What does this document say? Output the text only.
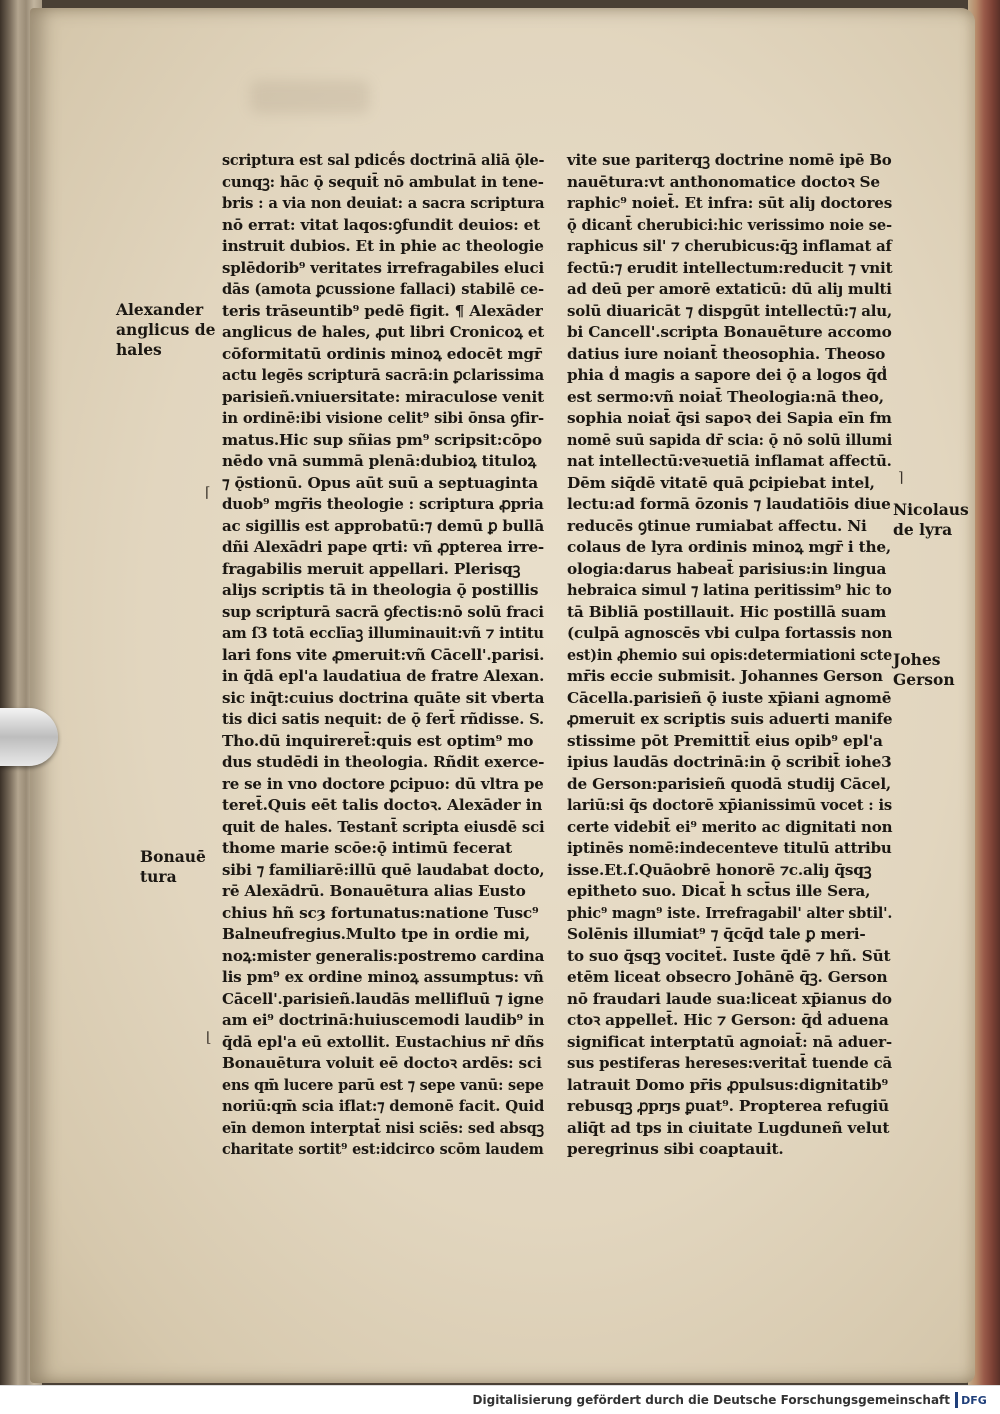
scriptura est sal pdicḗs doctrinā aliā ǭle-
cunqꝫ: hāc ǭ sequit̄ nō ambulat in tene-
bris : a via non deuiat: a sacra scriptura
nō errat: vitat laqos:ꝯfundit deuios: et
instruit dubios. Et in phie ac theologie
splēdorib⁹ veritates irrefragabiles eluci
dās (amota ꝑcussione fallaci) stabilē ce-
teris trāseuntib⁹ pedē figit. ¶ Alexāder
anglicus de hales, ꝓut libri Cronicoꝝ et
cōformitatū ordinis minoꝝ edocēt mgr̄
actu legēs scripturā sacrā:in ꝑclarissima
parisieñ.vniuersitate: miraculose venit
in ordinē:ibi visione celit⁹ sibi ōnsa ꝯfir-
matus.Hic sup sñias pm⁹ scripsit:cōpo
nēdo vnā summā plenā:dubioꝝ tituloꝝ
⁊ ǭstionū. Opus aūt suū a septuaginta
duob⁹ mgr̄is theologie : scriptura ꝓpria
ac sigillis est approbatū:⁊ demū ꝑ bullā
dñi Alexādri pape qrti: vñ ꝓpterea irre-
fragabilis meruit appellari. Plerisqꝫ
aliȷs scriptis tā in theologia ǭ postillis
sup scripturā sacrā ꝯfectis:nō solū fraci
am ſ3 totā ecclīaꝫ illuminauit:vñ ⁊ intitu
lari fons vite ꝓmeruit:vñ Cācell'.parisi.
in q̄dā epl'a laudatiua de fratre Alexan.
sic inq̄t:cuius doctrina quāte sit vberta
tis dici satis nequit: de ǭ fert̄ rñdisse. S.
Tho.dū inquireret̄:quis est optim⁹ mo
dus studēdi in theologia. Rñdit exerce-
re se in vno doctore ꝑcipuo: dū vltra pe
teret̄.Quis eēt talis doctoꝛ. Alexāder in
quit de hales. Testant̄ scripta eiusdē sci
thome marie scōe:ǭ intimū fecerat
sibi ⁊ familiarē:illū quē laudabat docto,
rē Alexādrū. Bonauētura alias Eusto
chius hñ scȝ fortunatus:natione Tusc⁹
Balneufregius.Multo tpe in ordie mi,
noꝝ:mister generalis:postremo cardina
lis pm⁹ ex ordine minoꝝ assumptus: vñ
Cācell'.parisieñ.laudās mellifluū ⁊ igne
am ei⁹ doctrinā:huiuscemodi laudib⁹ in
q̄dā epl'a eū extollit. Eustachius nr̄ dñs
Bonauētura voluit eē doctoꝛ ardēs: sci
ens qm̄ lucere parū est ⁊ sepe vanū: sepe
noriū:qm̄ scia iflat:⁊ demonē facit. Quid
eīn demon interptat̄ nisi sciēs: sed absqꝫ
charitate sortit⁹ est:idcirco scōm laudem
vite sue pariterqꝫ doctrine nomē ipē Bo
nauētura:vt anthonomatice doctoꝛ Se
raphic⁹ noiet̄. Et infra: sūt aliȷ doctores
ǭ dicant̄ cherubici:hic verissimo noie se-
raphicus sil' ⁊ cherubicus:q̄ꝫ inflamat af
fectū:⁊ erudit intellectum:reducit ⁊ vnit
ad deū per amorē extaticū: dū aliȷ multi
solū diuaricāt ⁊ dispgūt intellectū:⁊ alu,
bi Cancell'.scripta Bonauēture accomo
datius iure noiant̄ theosophia. Theoso
phia ḋ magis a sapore dei ǭ a logos q̄ḋ
est sermo:vñ noiat̄ Theologia:nā theo,
sophia noiat̄ q̄si sapoꝛ dei Sapia eīn fm
nomē suū sapida dr̄ scia: ǭ nō solū illumi
nat intellectū:veꝛuetiā inflamat affectū.
Dēm siq̄dē vitatē quā ꝑcipiebat intel,
lectu:ad formā ōzonis ⁊ laudatiōis diue
reducēs ꝯtinue rumiabat affectu. Ni
colaus de lyra ordinis minoꝝ mgr̄ i the,
ologia:darus habeat̄ parisius:in lingua
hebraica simul ⁊ latina peritissim⁹ hic to
tā Bibliā postillauit. Hic postillā suam
(culpā agnoscēs vbi culpa fortassis non
est)in ꝓhemio sui opis:determiationi scte
mr̄is eccie submisit. Johannes Gerson
Cācella.parisieñ ǭ iuste xp̄iani agnomē
ꝓmeruit ex scriptis suis aduerti manife
stissime pōt Premittit̄ eius opib⁹ epl'a
ipius laudās doctrinā:in ǭ scribit̄ iohe3
de Gerson:parisieñ quodā studij Cācel,
lariū:si q̄s doctorē xp̄ianissimū vocet : is
certe videbit̄ ei⁹ merito ac dignitati non
iptinēs nomē:indecenteve titulū attribu
isse.Et.ſ.Quāobrē honorē ⁊c.aliȷ q̄sqꝫ
epitheto suo. Dicat̄ h sct̄us ille Sera,
phic⁹ magn⁹ iste. Irrefragabil' alter sbtil'.
Solēnis illumiat⁹ ⁊ q̄cq̄d tale ꝑ meri-
to suo q̄sqꝫ vocitet̄. Iuste q̄dē ⁊ hñ. Sūt
etēm liceat obsecro Johānē q̄ꝫ. Gerson
nō fraudari laude sua:liceat xp̄ianus do
ctoꝛ appellet̄. Hic ⁊ Gerson: q̄ḋ aduena
significat interptatū agnoiat̄: nā aduer-
sus pestiferas hereses:veritat̄ tuende cā
latrauit Domo pr̄is ꝓpulsus:dignitatib⁹
rebusqꝫ ꝓprȷs ꝑuat⁹. Propterea refugiū
aliq̄t ad tps in ciuitate Lugduneñ velut
peregrinus sibi coaptauit.
Alexander
anglicus de
hales
Bonauē
tura
Nicolaus
de lyra
Johes
Gerson
⌈
⌊
⌉
Digitalisierung gefördert durch die Deutsche Forschungsgemeinschaft	DFG
